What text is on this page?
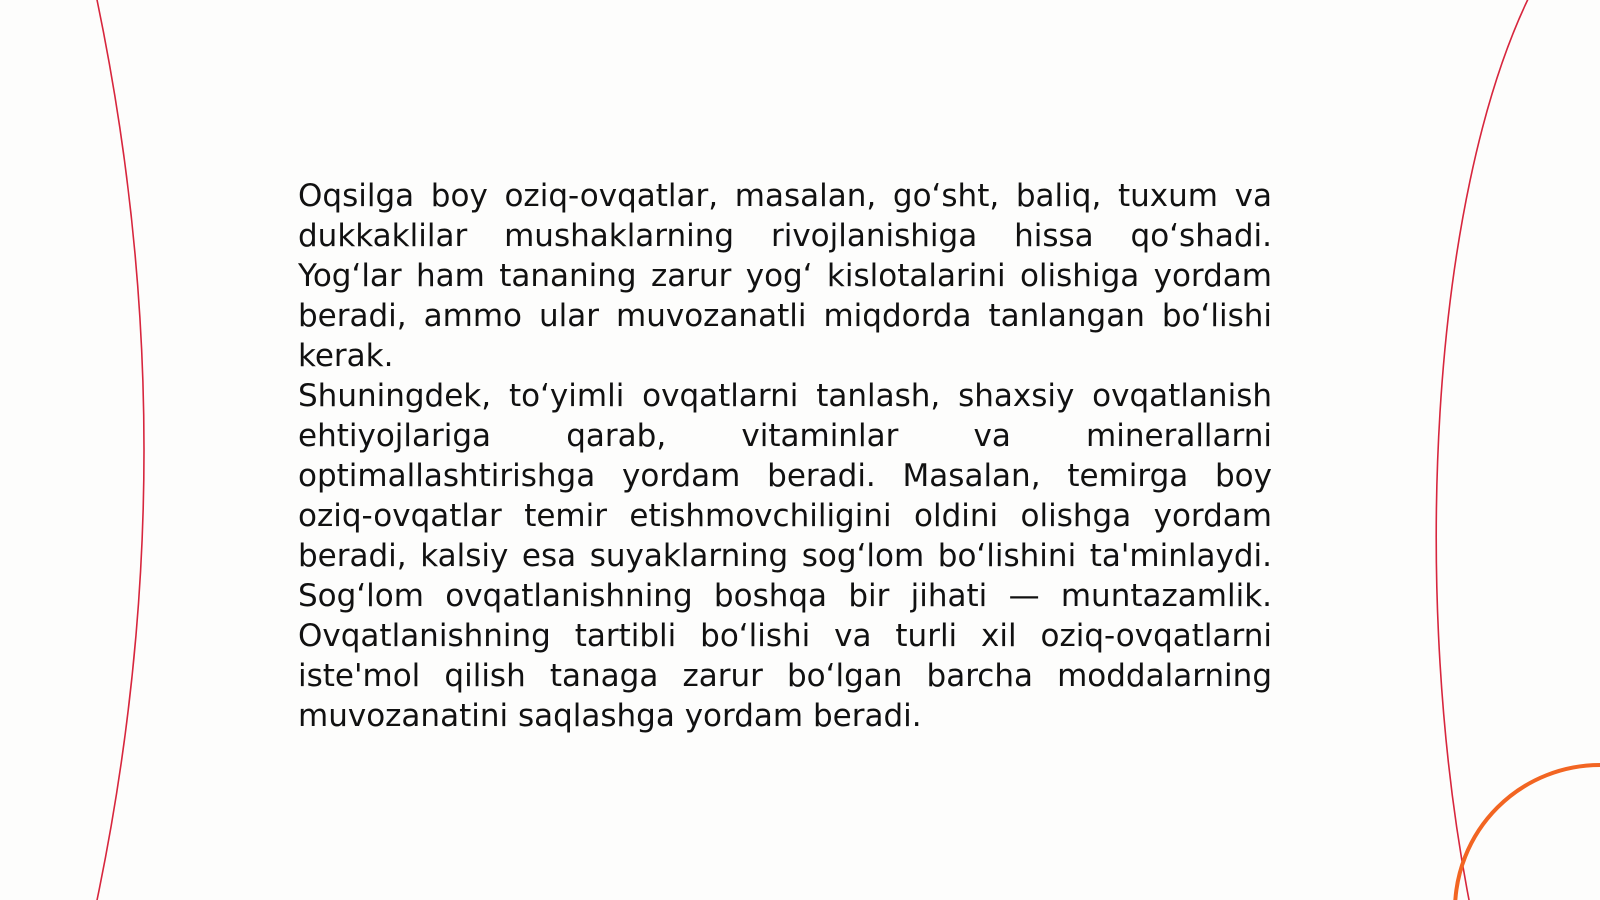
Oqsilga boy oziq-ovqatlar, masalan, go‘sht, baliq, tuxum va dukkaklilar mushaklarning rivojlanishiga hissa qo‘shadi. Yog‘lar ham tananing zarur yog‘ kislotalarini olishiga yordam beradi, ammo ular muvozanatli miqdorda tanlangan bo‘lishi kerak.

Shuningdek, to‘yimli ovqatlarni tanlash, shaxsiy ovqatlanish ehtiyojlariga qarab, vitaminlar va minerallarni optimallashtirishga yordam beradi. Masalan, temirga boy oziq-ovqatlar temir etishmovchiligini oldini olishga yordam beradi, kalsiy esa suyaklarning sog‘lom bo‘lishini ta'minlaydi. Sog‘lom ovqatlanishning boshqa bir jihati — muntazamlik. Ovqatlanishning tartibli bo‘lishi va turli xil oziq-ovqatlarni iste'mol qilish tanaga zarur bo‘lgan barcha moddalarning muvozanatini saqlashga yordam beradi.
